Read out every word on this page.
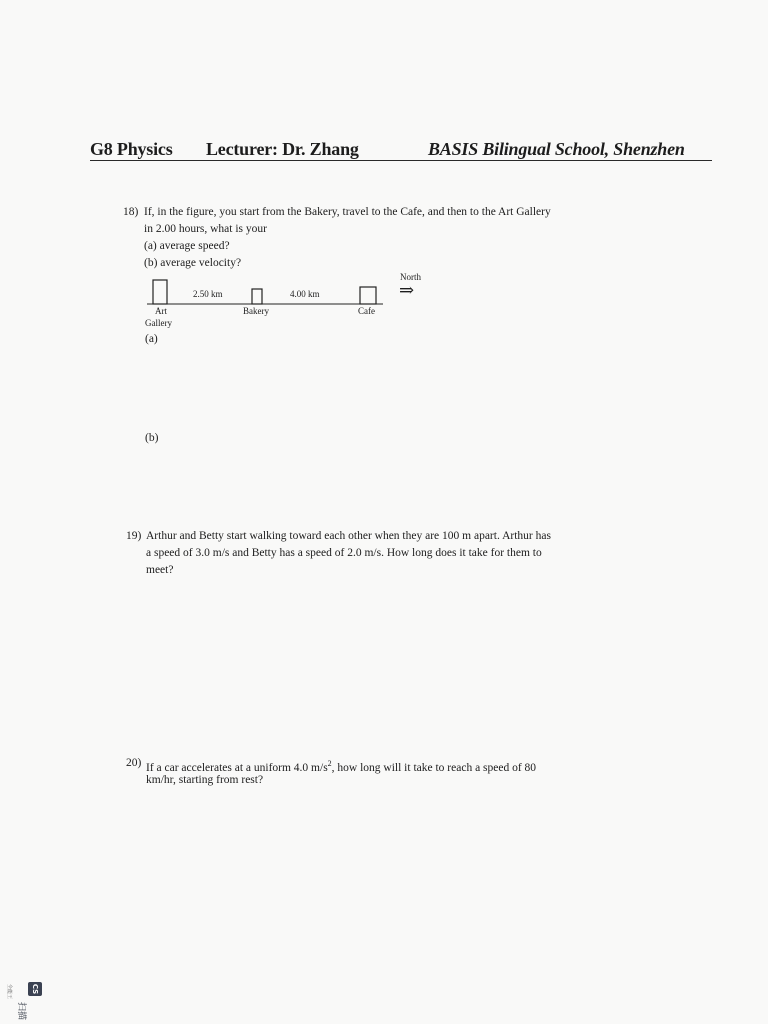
G8 Physics Lecturer: Dr. Zhang	BASIS Bilingual School, Shenzhen
18) If, in the figure, you start from the Bakery, travel to the Cafe, and then to the Art Gallery
in 2.00 hours, what is your
(a) average speed?
(b) average velocity?
2.50 km	4.00 km
North
⇒
Art
Gallery
Bakery	Cafe
(a)
(b)
19) Arthur and Betty start walking toward each other when they are 100 m apart. Arthur has
a speed of 3.0 m/s and Betty has a speed of 2.0 m/s. How long does it take for them to
meet?
20) If a car accelerates at a uniform 4.0 $m/s^2$, how long will it take to reach a speed of 80
km/hr, starting from rest?
CS
扫描
全能王
